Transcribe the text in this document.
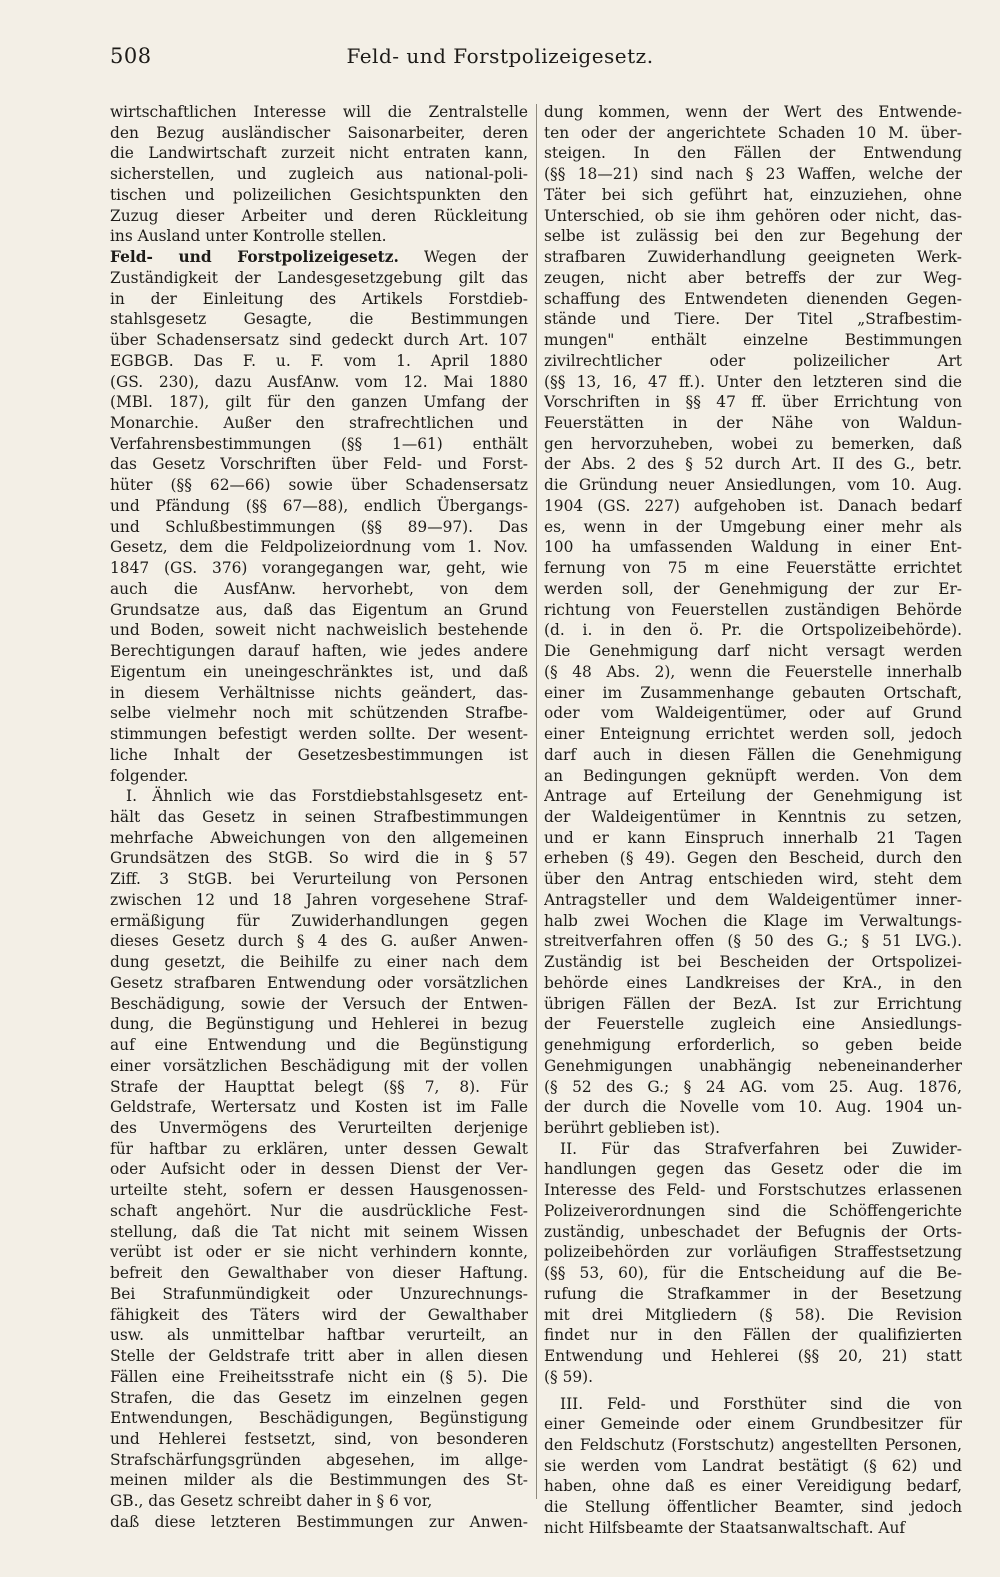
508	Feld- und Forstpolizeigesetz.
wirtschaftlichen Interesse will die Zentralstelle
den Bezug ausländischer Saisonarbeiter, deren
die Landwirtschaft zurzeit nicht entraten kann,
sicherstellen, und zugleich aus national-poli-
tischen und polizeilichen Gesichtspunkten den
Zuzug dieser Arbeiter und deren Rückleitung
ins Ausland unter Kontrolle stellen.
Feld- und Forstpolizeigesetz. Wegen der
Zuständigkeit der Landesgesetzgebung gilt das
in der Einleitung des Artikels Forstdieb-
stahlsgesetz Gesagte, die Bestimmungen
über Schadensersatz sind gedeckt durch Art. 107
EGBGB. Das F. u. F. vom 1. April 1880
(GS. 230), dazu AusfAnw. vom 12. Mai 1880
(MBl. 187), gilt für den ganzen Umfang der
Monarchie. Außer den strafrechtlichen und
Verfahrensbestimmungen (§§ 1—61) enthält
das Gesetz Vorschriften über Feld- und Forst-
hüter (§§ 62—66) sowie über Schadensersatz
und Pfändung (§§ 67—88), endlich Übergangs-
und Schlußbestimmungen (§§ 89—97). Das
Gesetz, dem die Feldpolizeiordnung vom 1. Nov.
1847 (GS. 376) vorangegangen war, geht, wie
auch die AusfAnw. hervorhebt, von dem
Grundsatze aus, daß das Eigentum an Grund
und Boden, soweit nicht nachweislich bestehende
Berechtigungen darauf haften, wie jedes andere
Eigentum ein uneingeschränktes ist, und daß
in diesem Verhältnisse nichts geändert, das-
selbe vielmehr noch mit schützenden Strafbe-
stimmungen befestigt werden sollte. Der wesent-
liche Inhalt der Gesetzesbestimmungen ist
folgender.
I. Ähnlich wie das Forstdiebstahlsgesetz ent-
hält das Gesetz in seinen Strafbestimmungen
mehrfache Abweichungen von den allgemeinen
Grundsätzen des StGB. So wird die in § 57
Ziff. 3 StGB. bei Verurteilung von Personen
zwischen 12 und 18 Jahren vorgesehene Straf-
ermäßigung für Zuwiderhandlungen gegen
dieses Gesetz durch § 4 des G. außer Anwen-
dung gesetzt, die Beihilfe zu einer nach dem
Gesetz strafbaren Entwendung oder vorsätzlichen
Beschädigung, sowie der Versuch der Entwen-
dung, die Begünstigung und Hehlerei in bezug
auf eine Entwendung und die Begünstigung
einer vorsätzlichen Beschädigung mit der vollen
Strafe der Haupttat belegt (§§ 7, 8). Für
Geldstrafe, Wertersatz und Kosten ist im Falle
des Unvermögens des Verurteilten derjenige
für haftbar zu erklären, unter dessen Gewalt
oder Aufsicht oder in dessen Dienst der Ver-
urteilte steht, sofern er dessen Hausgenossen-
schaft angehört. Nur die ausdrückliche Fest-
stellung, daß die Tat nicht mit seinem Wissen
verübt ist oder er sie nicht verhindern konnte,
befreit den Gewalthaber von dieser Haftung.
Bei Strafunmündigkeit oder Unzurechnungs-
fähigkeit des Täters wird der Gewalthaber
usw. als unmittelbar haftbar verurteilt, an
Stelle der Geldstrafe tritt aber in allen diesen
Fällen eine Freiheitsstrafe nicht ein (§ 5). Die
Strafen, die das Gesetz im einzelnen gegen
Entwendungen, Beschädigungen, Begünstigung
und Hehlerei festsetzt, sind, von besonderen
Strafschärfungsgründen abgesehen, im allge-
meinen milder als die Bestimmungen des St-
GB., das Gesetz schreibt daher in § 6 vor,
daß diese letzteren Bestimmungen zur Anwen-
dung kommen, wenn der Wert des Entwende-
ten oder der angerichtete Schaden 10 M. über-
steigen. In den Fällen der Entwendung
(§§ 18—21) sind nach § 23 Waffen, welche der
Täter bei sich geführt hat, einzuziehen, ohne
Unterschied, ob sie ihm gehören oder nicht, das-
selbe ist zulässig bei den zur Begehung der
strafbaren Zuwiderhandlung geeigneten Werk-
zeugen, nicht aber betreffs der zur Weg-
schaffung des Entwendeten dienenden Gegen-
stände und Tiere. Der Titel „Strafbestim-
mungen" enthält einzelne Bestimmungen
zivilrechtlicher oder polizeilicher Art
(§§ 13, 16, 47 ff.). Unter den letzteren sind die
Vorschriften in §§ 47 ff. über Errichtung von
Feuerstätten in der Nähe von Waldun-
gen hervorzuheben, wobei zu bemerken, daß
der Abs. 2 des § 52 durch Art. II des G., betr.
die Gründung neuer Ansiedlungen, vom 10. Aug.
1904 (GS. 227) aufgehoben ist. Danach bedarf
es, wenn in der Umgebung einer mehr als
100 ha umfassenden Waldung in einer Ent-
fernung von 75 m eine Feuerstätte errichtet
werden soll, der Genehmigung der zur Er-
richtung von Feuerstellen zuständigen Behörde
(d. i. in den ö. Pr. die Ortspolizeibehörde).
Die Genehmigung darf nicht versagt werden
(§ 48 Abs. 2), wenn die Feuerstelle innerhalb
einer im Zusammenhange gebauten Ortschaft,
oder vom Waldeigentümer, oder auf Grund
einer Enteignung errichtet werden soll, jedoch
darf auch in diesen Fällen die Genehmigung
an Bedingungen geknüpft werden. Von dem
Antrage auf Erteilung der Genehmigung ist
der Waldeigentümer in Kenntnis zu setzen,
und er kann Einspruch innerhalb 21 Tagen
erheben (§ 49). Gegen den Bescheid, durch den
über den Antrag entschieden wird, steht dem
Antragsteller und dem Waldeigentümer inner-
halb zwei Wochen die Klage im Verwaltungs-
streitverfahren offen (§ 50 des G.; § 51 LVG.).
Zuständig ist bei Bescheiden der Ortspolizei-
behörde eines Landkreises der KrA., in den
übrigen Fällen der BezA. Ist zur Errichtung
der Feuerstelle zugleich eine Ansiedlungs-
genehmigung erforderlich, so geben beide
Genehmigungen unabhängig nebeneinanderher
(§ 52 des G.; § 24 AG. vom 25. Aug. 1876,
der durch die Novelle vom 10. Aug. 1904 un-
berührt geblieben ist).
II. Für das Strafverfahren bei Zuwider-
handlungen gegen das Gesetz oder die im
Interesse des Feld- und Forstschutzes erlassenen
Polizeiverordnungen sind die Schöffengerichte
zuständig, unbeschadet der Befugnis der Orts-
polizeibehörden zur vorläufigen Straffestsetzung
(§§ 53, 60), für die Entscheidung auf die Be-
rufung die Strafkammer in der Besetzung
mit drei Mitgliedern (§ 58). Die Revision
findet nur in den Fällen der qualifizierten
Entwendung und Hehlerei (§§ 20, 21) statt
(§ 59).
III. Feld- und Forsthüter sind die von
einer Gemeinde oder einem Grundbesitzer für
den Feldschutz (Forstschutz) angestellten Personen,
sie werden vom Landrat bestätigt (§ 62) und
haben, ohne daß es einer Vereidigung bedarf,
die Stellung öffentlicher Beamter, sind jedoch
nicht Hilfsbeamte der Staatsanwaltschaft. Auf
